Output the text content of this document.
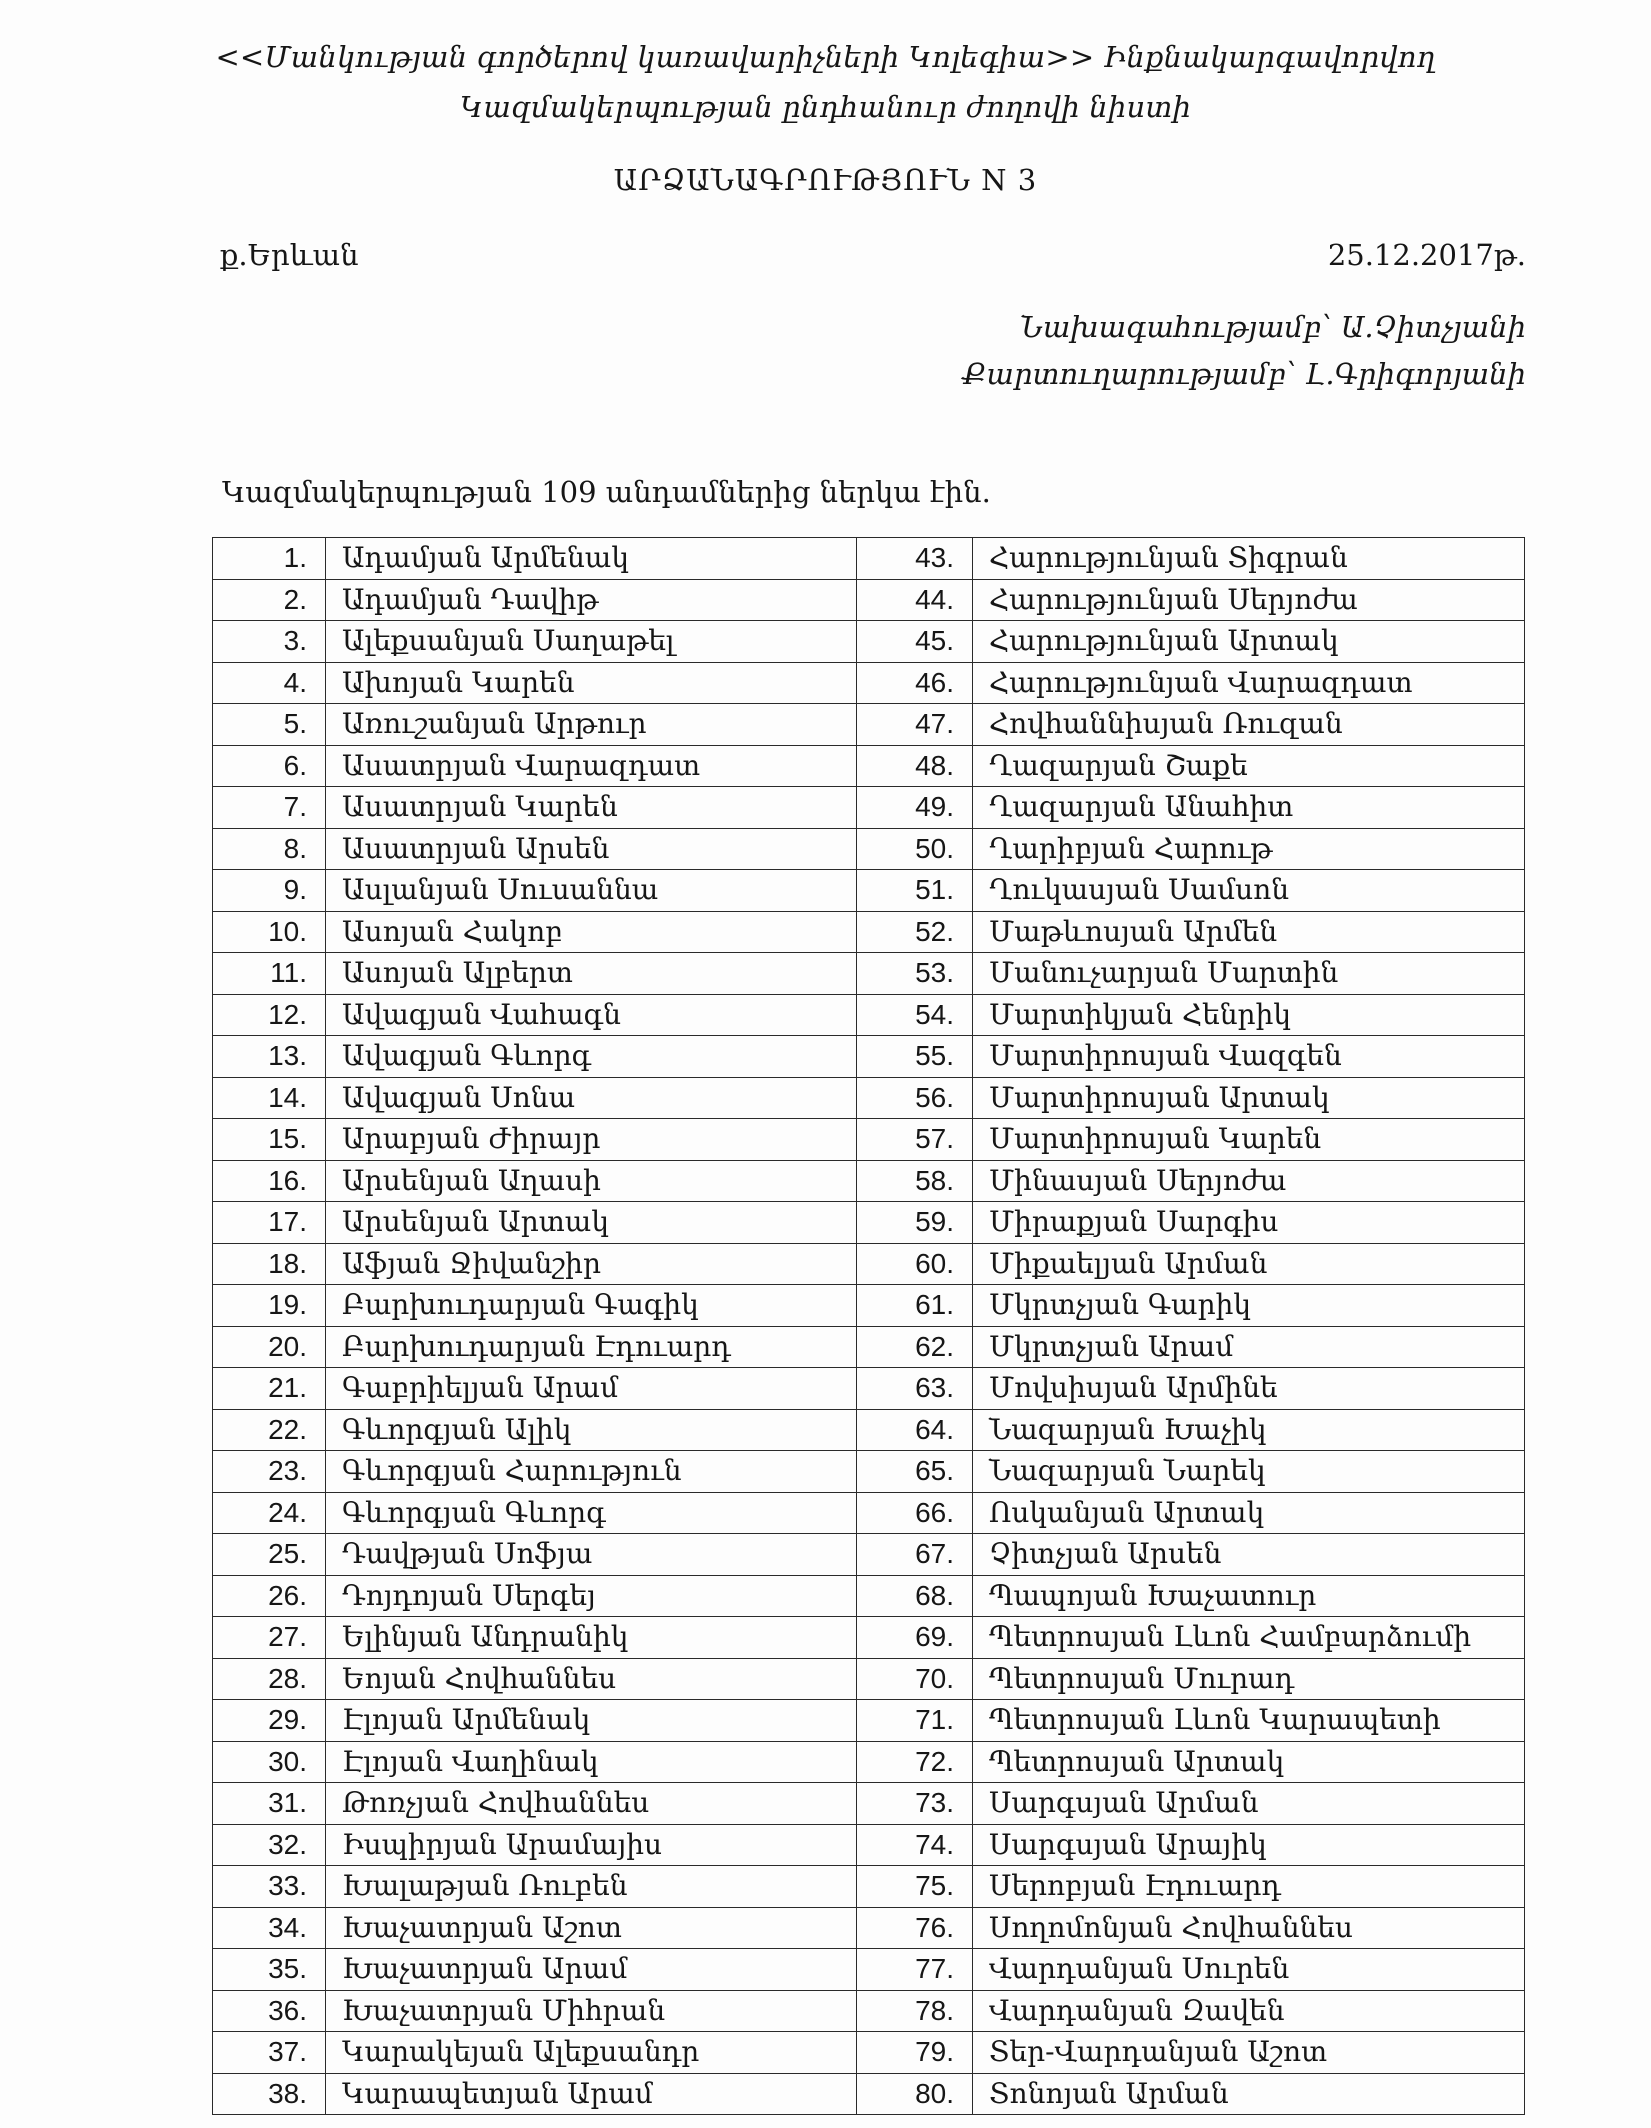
<<Մանկության գործերով կառավարիչների Կոլեգիա>> Ինքնակարգավորվող
Կազմակերպության ընդհանուր ժողովի նիստի
ԱՐՁԱՆԱԳՐՈՒԹՅՈՒՆ N 3
ք.Երևան	25.12.2017թ.
Նախագահությամբ՝ Ա.Չիտչյանի
Քարտուղարությամբ՝ Լ.Գրիգորյանի
Կազմակերպության 109 անդամներից ներկա էին.
1.	Ադամյան Արմենակ	43.	Հարությունյան Տիգրան
2.	Ադամյան Դավիթ	44.	Հարությունյան Սերյոժա
3.	Ալեքսանյան Սաղաթել	45.	Հարությունյան Արտակ
4.	Ախոյան Կարեն	46.	Հարությունյան Վարազդատ
5.	Առուշանյան Արթուր	47.	Հովհաննիսյան Ռուզան
6.	Ասատրյան Վարազդատ	48.	Ղազարյան Շաքե
7.	Ասատրյան Կարեն	49.	Ղազարյան Անահիտ
8.	Ասատրյան Արսեն	50.	Ղարիբյան Հարութ
9.	Ասլանյան Սուսաննա	51.	Ղուկասյան Սամսոն
10.	Ասոյան Հակոբ	52.	Մաթևոսյան Արմեն
11.	Ասոյան Ալբերտ	53.	Մանուչարյան Մարտին
12.	Ավագյան Վահագն	54.	Մարտիկյան Հենրիկ
13.	Ավագյան Գևորգ	55.	Մարտիրոսյան Վազգեն
14.	Ավագյան Սոնա	56.	Մարտիրոսյան Արտակ
15.	Արաբյան Ժիրայր	57.	Մարտիրոսյան Կարեն
16.	Արսենյան Աղասի	58.	Մինասյան Սերյոժա
17.	Արսենյան Արտակ	59.	Միրաքյան Սարգիս
18.	Աֆյան Ջիվանշիր	60.	Միքաելյան Արման
19.	Բարխուդարյան Գագիկ	61.	Մկրտչյան Գարիկ
20.	Բարխուդարյան Էդուարդ	62.	Մկրտչյան Արամ
21.	Գաբրիելյան Արամ	63.	Մովսիսյան Արմինե
22.	Գևորգյան Ալիկ	64.	Նազարյան Խաչիկ
23.	Գևորգյան Հարություն	65.	Նազարյան Նարեկ
24.	Գևորգյան Գևորգ	66.	Ոսկանյան Արտակ
25.	Դավթյան Սոֆյա	67.	Չիտչյան Արսեն
26.	Դոյդոյան Սերգեյ	68.	Պապոյան Խաչատուր
27.	Ելինյան Անդրանիկ	69.	Պետրոսյան Լևոն Համբարձումի
28.	Եոյան Հովհաննես	70.	Պետրոսյան Մուրադ
29.	Էլոյան Արմենակ	71.	Պետրոսյան Լևոն Կարապետի
30.	Էլոյան Վաղինակ	72.	Պետրոսյան Արտակ
31.	Թոռչյան Հովհաննես	73.	Սարգսյան Արման
32.	Իսպիրյան Արամայիս	74.	Սարգսյան Արայիկ
33.	Խալաթյան Ռուբեն	75.	Սերոբյան Էդուարդ
34.	Խաչատրյան Աշոտ	76.	Սողոմոնյան Հովհաննես
35.	Խաչատրյան Արամ	77.	Վարդանյան Սուրեն
36.	Խաչատրյան Միհրան	78.	Վարդանյան Զավեն
37.	Կարակեյան Ալեքսանդր	79.	Տեր-Վարդանյան Աշոտ
38.	Կարապետյան Արամ	80.	Տոնոյան Արման
